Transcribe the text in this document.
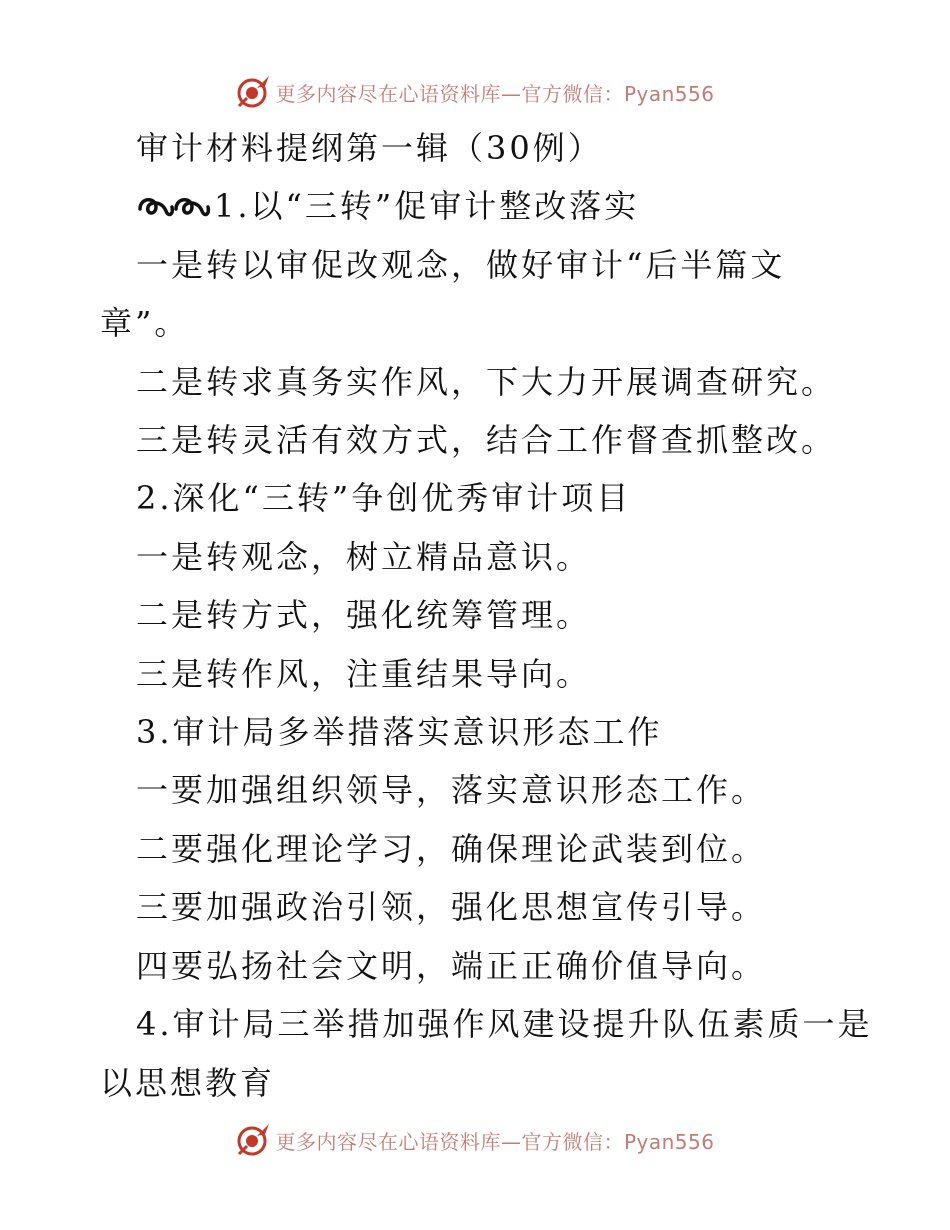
更多内容尽在心语资料库—官方微信：Pyan556
审计材料提纲第一辑（30例）
1.以“三转”促审计整改落实
一是转以审促改观念，做好审计“后半篇文
章”。
二是转求真务实作风，下大力开展调查研究。
三是转灵活有效方式，结合工作督查抓整改。
2.深化“三转”争创优秀审计项目
一是转观念，树立精品意识。
二是转方式，强化统筹管理。
三是转作风，注重结果导向。
3.审计局多举措落实意识形态工作
一要加强组织领导，落实意识形态工作。
二要强化理论学习，确保理论武装到位。
三要加强政治引领，强化思想宣传引导。
四要弘扬社会文明，端正正确价值导向。
4.审计局三举措加强作风建设提升队伍素质一是
以思想教育
更多内容尽在心语资料库—官方微信：Pyan556
